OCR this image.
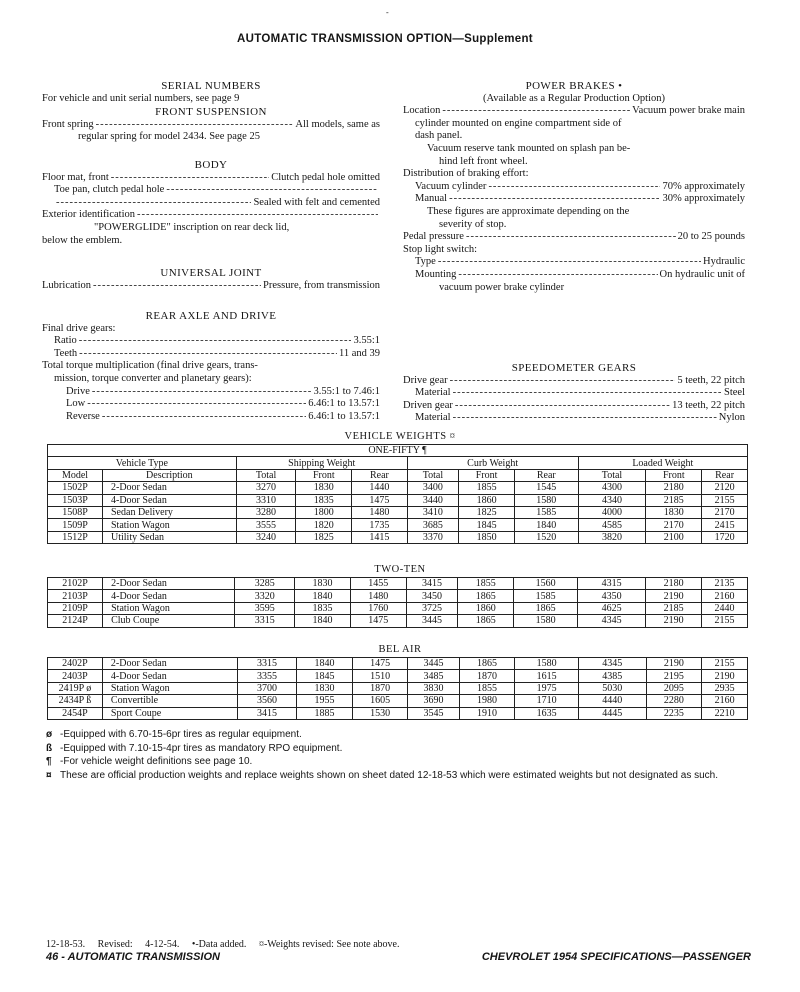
-
AUTOMATIC TRANSMISSION OPTION—Supplement
SERIAL NUMBERS
For vehicle and unit serial numbers, see page 9
FRONT SUSPENSION
Front spring -----	All models, same as
regular spring for model 2434. See page 25
BODY
Floor mat, front -----	Clutch pedal hole omitted
Toe pan, clutch pedal hole
-----
-----
Sealed with felt and cemented
Exterior identification
-----
"POWERGLIDE" inscription on rear deck lid,
below the emblem.
UNIVERSAL JOINT
Lubrication -----	Pressure, from transmission
REAR AXLE AND DRIVE
Final drive gears:
Ratio -----	3.55:1
Teeth -----	11 and 39
Total torque multiplication (final drive gears, trans-
mission, torque converter and planetary gears):
Drive -----	3.55:1 to 7.46:1
Low -----	6.46:1 to 13.57:1
Reverse -----	6.46:1 to 13.57:1
POWER BRAKES •
(Available as a Regular Production Option)
Location -----	Vacuum power brake main
cylinder mounted on engine compartment side of
dash panel.
Vacuum reserve tank mounted on splash pan be-
hind left front wheel.
Distribution of braking effort:
Vacuum cylinder -----	70% approximately
Manual -----	30% approximately
These figures are approximate depending on the
severity of stop.
Pedal pressure -----	20 to 25 pounds
Stop light switch:
Type -----	Hydraulic
Mounting -----	On hydraulic unit of
vacuum power brake cylinder
SPEEDOMETER GEARS
Drive gear -----	5 teeth, 22 pitch
Material -----	Steel
Driven gear -----	13 teeth, 22 pitch
Material -----	Nylon
VEHICLE WEIGHTS ¤
ONE-FIFTY ¶										
Vehicle Type		Shipping Weight			Curb Weight			Loaded Weight		
Model	Description	Total	Front	Rear	Total	Front	Rear	Total	Front	Rear
1502P	2-Door Sedan	3270	1830	1440	3400	1855	1545	4300	2180	2120
1503P	4-Door Sedan	3310	1835	1475	3440	1860	1580	4340	2185	2155
1508P	Sedan Delivery	3280	1800	1480	3410	1825	1585	4000	1830	2170
1509P	Station Wagon	3555	1820	1735	3685	1845	1840	4585	2170	2415
1512P	Utility Sedan	3240	1825	1415	3370	1850	1520	3820	2100	1720
TWO-TEN
2102P	2-Door Sedan	3285	1830	1455	3415	1855	1560	4315	2180	2135
2103P	4-Door Sedan	3320	1840	1480	3450	1865	1585	4350	2190	2160
2109P	Station Wagon	3595	1835	1760	3725	1860	1865	4625	2185	2440
2124P	Club Coupe	3315	1840	1475	3445	1865	1580	4345	2190	2155
BEL AIR
2402P	2-Door Sedan	3315	1840	1475	3445	1865	1580	4345	2190	2155
2403P	4-Door Sedan	3355	1845	1510	3485	1870	1615	4385	2195	2190
2419P ø	Station Wagon	3700	1830	1870	3830	1855	1975	5030	2095	2935
2434P ß	Convertible	3560	1955	1605	3690	1980	1710	4440	2280	2160
2454P	Sport Coupe	3415	1885	1530	3545	1910	1635	4445	2235	2210
ø -Equipped with 6.70-15-6pr tires as regular equipment.
ß -Equipped with 7.10-15-4pr tires as mandatory RPO equipment.
¶ -For vehicle weight definitions see page 10.
¤ These are official production weights and replace weights shown on sheet dated 12-18-53 which were estimated weights but not designated as such.
12-18-53. Revised: 4-12-54. •-Data added. ¤-Weights revised: See note above.
46 - AUTOMATIC TRANSMISSION	CHEVROLET 1954 SPECIFICATIONS—PASSENGER
